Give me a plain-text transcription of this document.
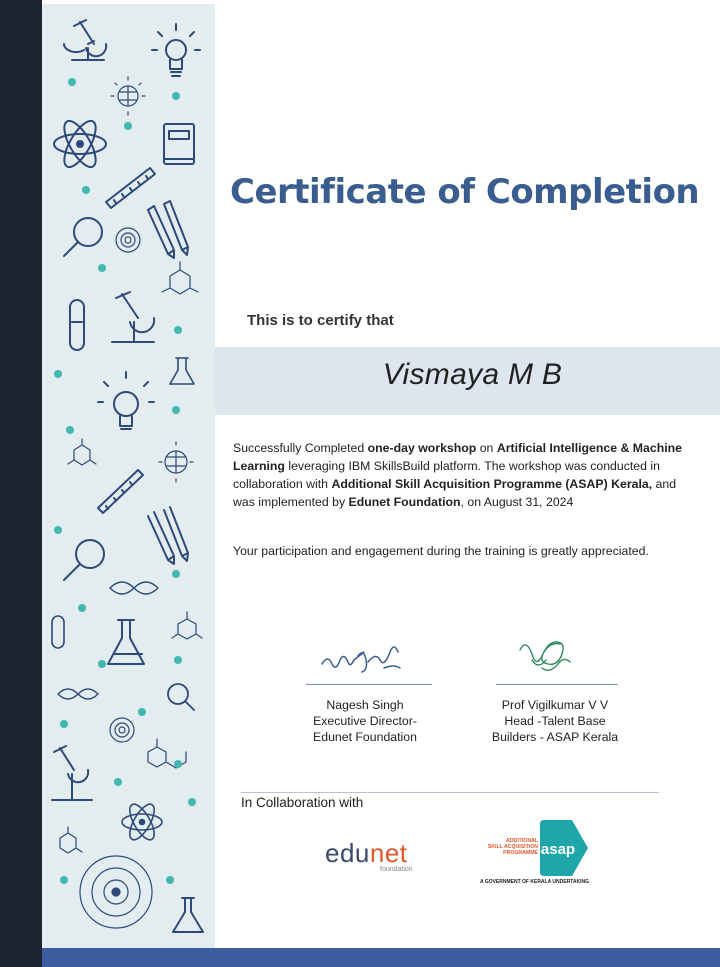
Certificate of Completion
This is to certify that
Vismaya M B
Successfully Completed one-day workshop on Artificial Intelligence & Machine Learning leveraging IBM SkillsBuild platform. The workshop was conducted in collaboration with Additional Skill Acquisition Programme (ASAP) Kerala, and was implemented by Edunet Foundation, on August 31, 2024
Your participation and engagement during the training is greatly appreciated.
Nagesh Singh
Executive Director-
Edunet Foundation
Prof Vigilkumar V V
Head -Talent Base
Builders - ASAP Kerala
In Collaboration with
edunet
foundation
ADDITIONAL
SKILL ACQUISITION
PROGRAMME asap
A GOVERNMENT OF KERALA UNDERTAKING
